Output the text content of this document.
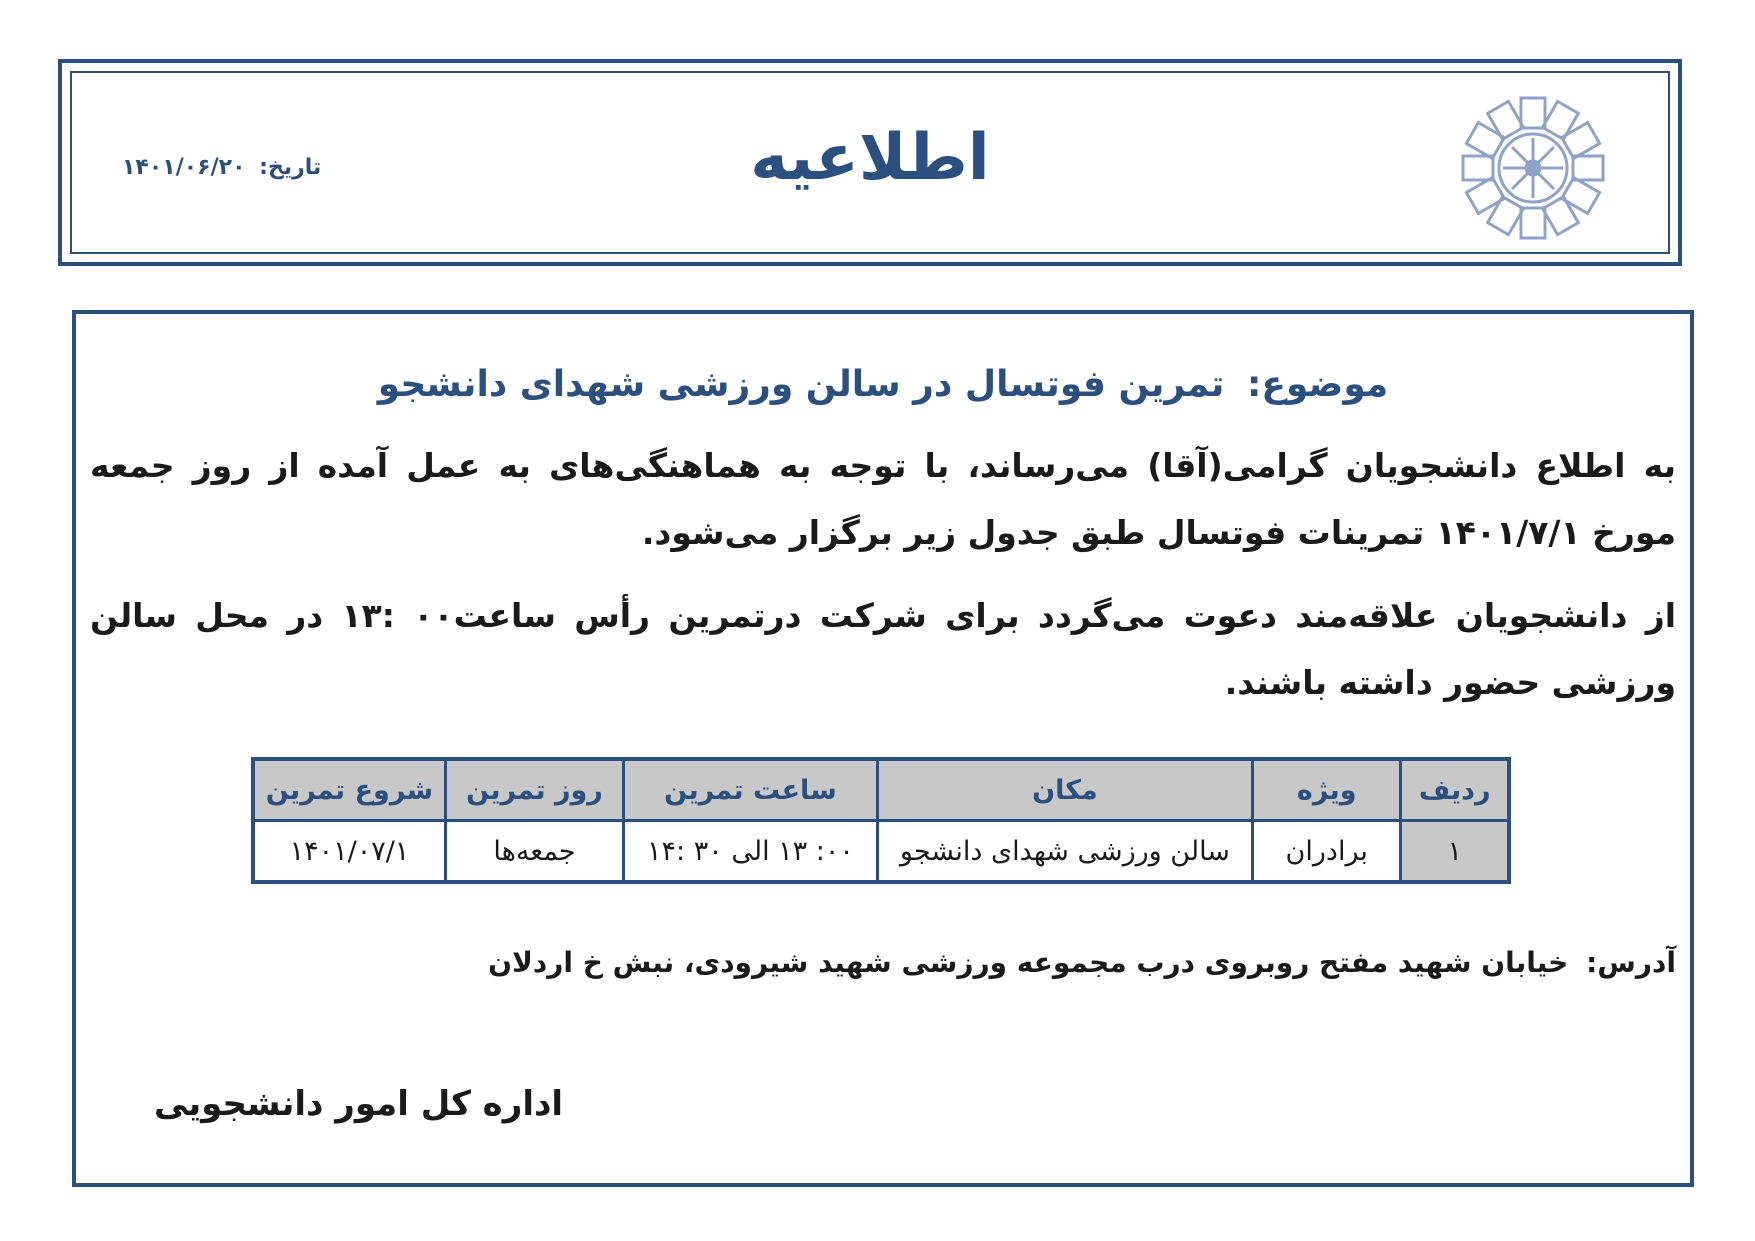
اطلاعیه
تاریخ: ۱۴۰۱/۰۶/۲۰
موضوع: تمرین فوتسال در سالن ورزشی شهدای دانشجو
به اطلاع دانشجویان گرامی(آقا) می‌رساند، با توجه به هماهنگی‌های به عمل آمده از روز جمعه مورخ ۱۴۰۱/۷/۱ تمرینات فوتسال طبق جدول زیر برگزار می‌شود.
از دانشجویان علاقه‌مند دعوت می‌گردد برای شرکت درتمرین رأس ساعت۰۰ :۱۳ در محل سالن ورزشی حضور داشته باشند.
ردیف	ویژه	مکان	ساعت تمرین	روز تمرین	شروع تمرین
۱	برادران	سالن ورزشی شهدای دانشجو	۰۰: ۱۳ الی ۳۰ :۱۴	جمعه‌ها	۱۴۰۱/۰۷/۱
آدرس: خیابان شهید مفتح روبروی درب مجموعه ورزشی شهید شیرودی، نبش خ اردلان
اداره کل امور دانشجویی
